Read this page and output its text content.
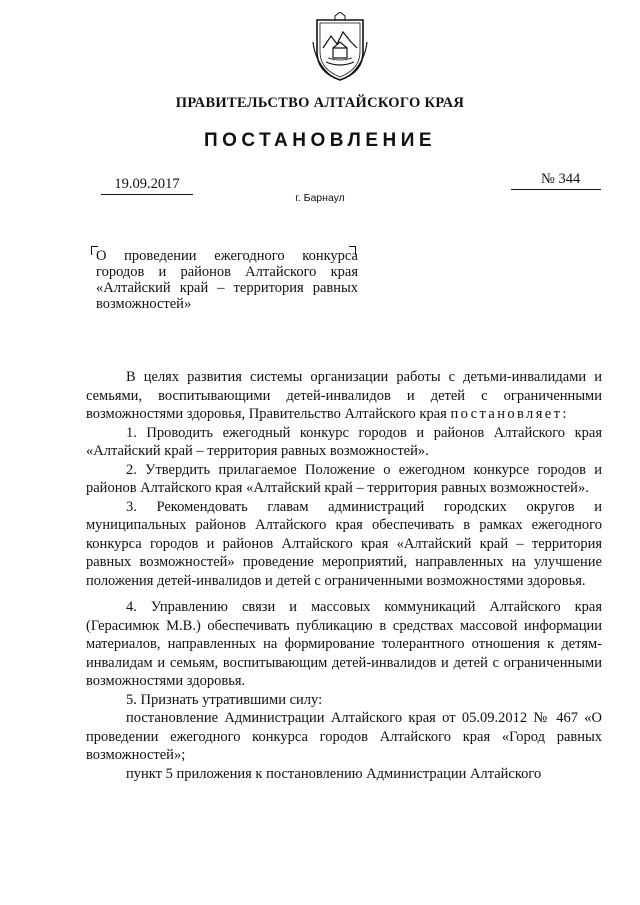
ПРАВИТЕЛЬСТВО АЛТАЙСКОГО КРАЯ
ПОСТАНОВЛЕНИЕ
19.09.2017	№ 344
г. Барнаул
О проведении ежегодного конкурса городов и районов Алтайского края «Алтайский край – территория равных возможностей»

В целях развития системы организации работы с детьми-инвалидами и семьями, воспитывающими детей-инвалидов и детей с ограниченными возможностями здоровья, Правительство Алтайского края постановляет:

1. Проводить ежегодный конкурс городов и районов Алтайского края «Алтайский край – территория равных возможностей».

2. Утвердить прилагаемое Положение о ежегодном конкурсе городов и районов Алтайского края «Алтайский край – территория равных возможностей».

3. Рекомендовать главам администраций городских округов и муниципальных районов Алтайского края обеспечивать в рамках ежегодного конкурса городов и районов Алтайского края «Алтайский край – территория равных возможностей» проведение мероприятий, направленных на улучшение положения детей-инвалидов и детей с ограниченными возможностями здоровья.

4. Управлению связи и массовых коммуникаций Алтайского края (Герасимюк М.В.) обеспечивать публикацию в средствах массовой информации материалов, направленных на формирование толерантного отношения к детям-инвалидам и семьям, воспитывающим детей-инвалидов и детей с ограниченными возможностями здоровья.

5. Признать утратившими силу:

постановление Администрации Алтайского края от 05.09.2012 № 467 «О проведении ежегодного конкурса городов Алтайского края «Город равных возможностей»;

пункт 5 приложения к постановлению Администрации Алтайского
